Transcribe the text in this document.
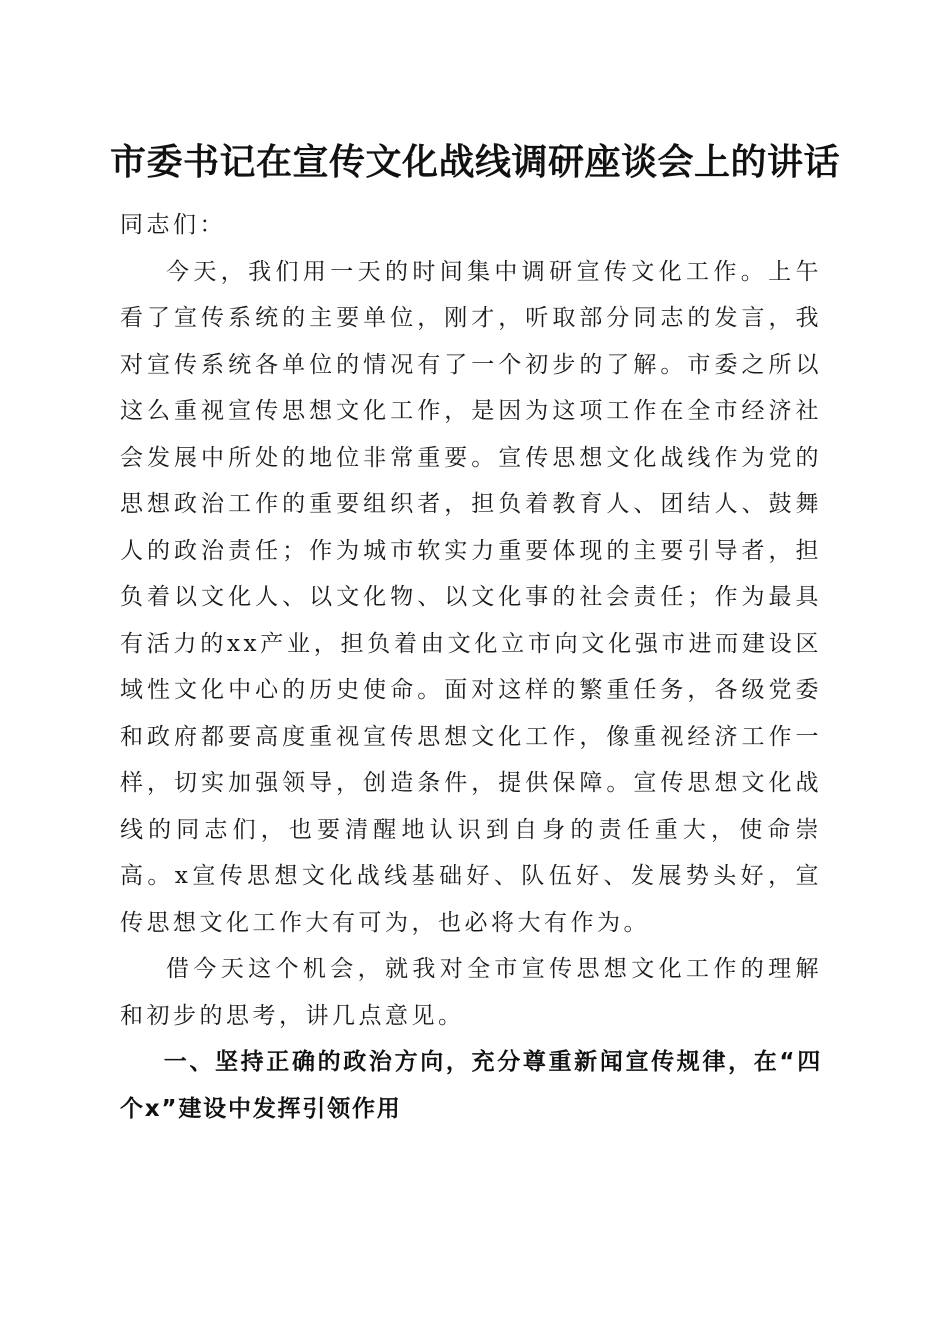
市委书记在宣传文化战线调研座谈会上的讲话

同志们：

今天，我们用一天的时间集中调研宣传文化工作。上午看了宣传系统的主要单位，刚才，听取部分同志的发言，我对宣传系统各单位的情况有了一个初步的了解。市委之所以这么重视宣传思想文化工作，是因为这项工作在全市经济社会发展中所处的地位非常重要。宣传思想文化战线作为党的思想政治工作的重要组织者，担负着教育人、团结人、鼓舞人的政治责任；作为城市软实力重要体现的主要引导者，担负着以文化人、以文化物、以文化事的社会责任；作为最具有活力的xx产业，担负着由文化立市向文化强市进而建设区域性文化中心的历史使命。面对这样的繁重任务，各级党委和政府都要高度重视宣传思想文化工作，像重视经济工作一样，切实加强领导，创造条件，提供保障。宣传思想文化战线的同志们，也要清醒地认识到自身的责任重大，使命崇高。x宣传思想文化战线基础好、队伍好、发展势头好，宣传思想文化工作大有可为，也必将大有作为。

借今天这个机会，就我对全市宣传思想文化工作的理解和初步的思考，讲几点意见。

一、坚持正确的政治方向，充分尊重新闻宣传规律，在“四个x”建设中发挥引领作用
